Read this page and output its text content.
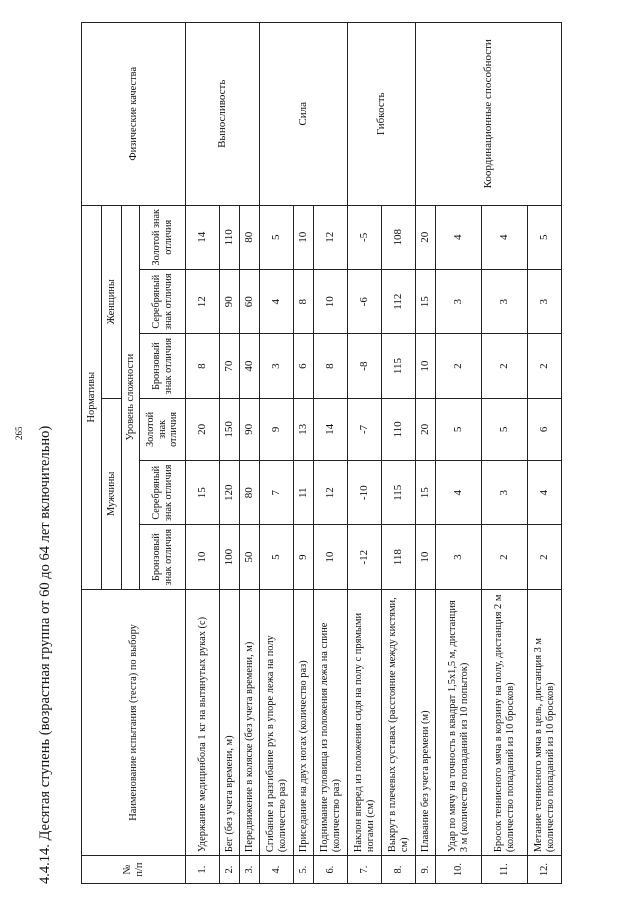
265 4.4.14. Десятая ступень (возрастная группа от 60 до 64 лет включительно)	№ п/п	Наименование испытания (теста) по выбору	Нормативы						Физические качества
		Мужчины			Женщины			
		Уровень сложности						
		Бронзовый знак отличия	Серебряный знак отличия	Золотой знак отличия	Бронзовый знак отличия	Серебряный знак отличия	Золотой знак отличия	
1.	Удержание медицинбола 1 кг на вытянутых руках (с)	10	15	20	8	12	14	Выносливость
2.	Бег (без учета времени, м)	100	120	150	70	90	110	
3.	Передвижение в коляске (без учета времени, м)	50	80	90	40	60	80	
4.	Сгибание и разгибание рук в упоре лежа на полу (количество раз)	5	7	9	3	4	5	Сила
5.	Приседание на двух ногах (количество раз)	9	11	13	6	8	10	
6.	Поднимание туловища из положения лежа на спине (количество раз)	10	12	14	8	10	12	
7.	Наклон вперед из положения сидя на полу с прямыми ногами (см)	-12	-10	-7	-8	-6	-5	Гибкость
8.	Выкрут в плечевых суставах (расстояние между кистями, см)	118	115	110	115	112	108	
9.	Плавание без учета времени (м)	10	15	20	10	15	20	Координационные способности
10.	Удар по мячу на точность в квадрат 1,5х1,5 м, дистанция 3 м (количество попаданий из 10 попыток)	3	4	5	2	3	4	
11.	Бросок теннисного мяча в корзину на полу, дистанция 2 м (количество попаданий из 10 бросков)	2	3	5	2	3	4	
12.	Метание теннисного мяча в цель, дистанция 3 м (количество попаданий из 10 бросков)	2	4	6	2	3	5	
